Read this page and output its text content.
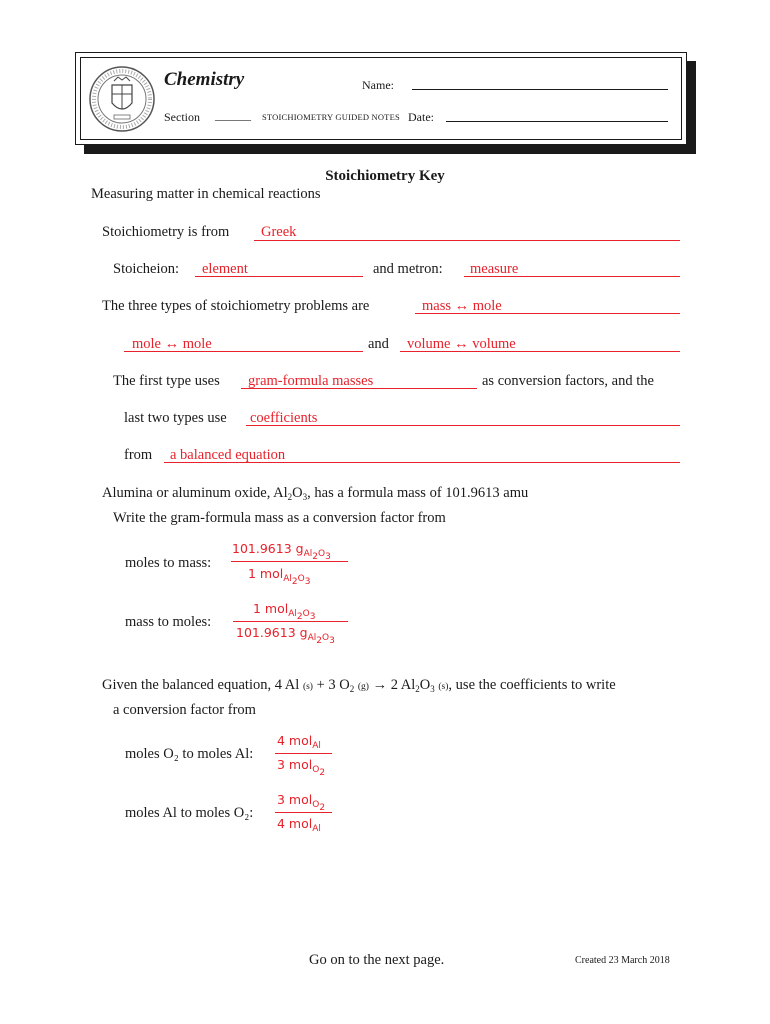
Chemistry	Name:
Section ______ STOICHIOMETRY GUIDED NOTES Date:
Stoichiometry Key
Measuring matter in chemical reactions
Stoichiometry is from Greek
Stoicheion: element	and metron: measure
The three types of stoichiometry problems are	mass ↔ mole
mole ↔ mole	and volume ↔ volume
The first type uses gram-formula masses	as conversion factors, and the
last two types use coefficients
from a balanced equation
Alumina or aluminum oxide, $Al_2O_3$, has a formula mass of 101.9613 amu
Write the gram-formula mass as a conversion factor from
moles to mass:
101.9613 $g_{Al_2O_3}$
1 mol$_{Al_2O_3}$
mass to moles:
1 mol$_{Al_2O_3}$
101.9613 $g_{Al_2O_3}$
Given the balanced equation, 4 Al (s) + 3 $O_2$ (g) → 2 $Al_2O_3$ (s), use the coefficients to write
a conversion factor from
moles O₂ to moles Al:
4 mol$_{Al}$
3 mol$_{O_2}$
moles Al to moles O₂:
3 mol$_{O_2}$
4 mol$_{Al}$
Go on to the next page.	Created 23 March 2018
